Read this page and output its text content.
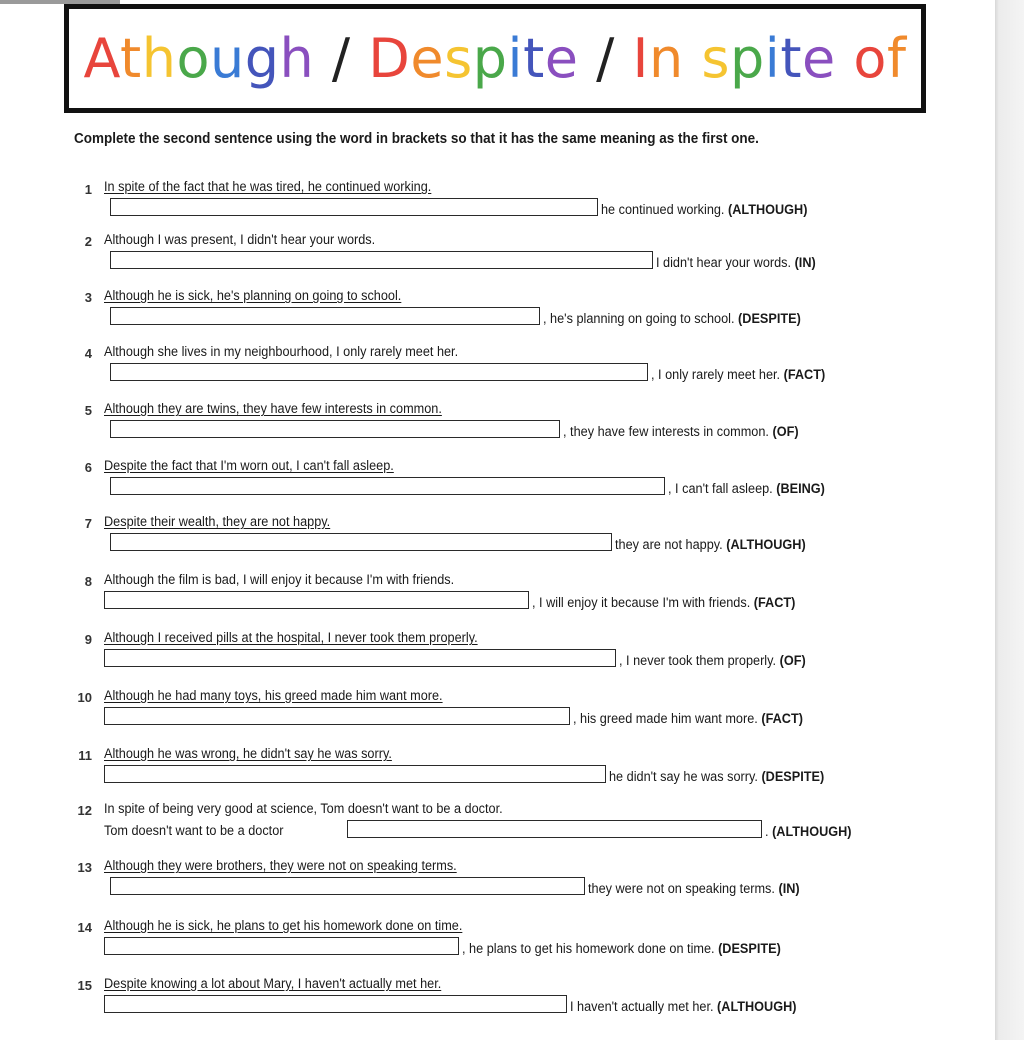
Athough / Despite / In spite of
Complete the second sentence using the word in brackets so that it has the same meaning as the first one.
1 In spite of the fact that he was tired, he continued working.
he continued working. (ALTHOUGH)
2 Although I was present, I didn't hear your words.
I didn't hear your words. (IN)
3 Although he is sick, he's planning on going to school.
, he's planning on going to school. (DESPITE)
4 Although she lives in my neighbourhood, I only rarely meet her.
, I only rarely meet her. (FACT)
5 Although they are twins, they have few interests in common.
, they have few interests in common. (OF)
6 Despite the fact that I'm worn out, I can't fall asleep.
, I can't fall asleep. (BEING)
7 Despite their wealth, they are not happy.
they are not happy. (ALTHOUGH)
8 Although the film is bad, I will enjoy it because I'm with friends.
, I will enjoy it because I'm with friends. (FACT)
9 Although I received pills at the hospital, I never took them properly.
, I never took them properly. (OF)
10 Although he had many toys, his greed made him want more.
, his greed made him want more. (FACT)
11 Although he was wrong, he didn't say he was sorry.
he didn't say he was sorry. (DESPITE)
12 In spite of being very good at science, Tom doesn't want to be a doctor.
Tom doesn't want to be a doctor	. (ALTHOUGH)
13 Although they were brothers, they were not on speaking terms.
they were not on speaking terms. (IN)
14 Although he is sick, he plans to get his homework done on time.
, he plans to get his homework done on time. (DESPITE)
15 Despite knowing a lot about Mary, I haven't actually met her.
I haven't actually met her. (ALTHOUGH)
